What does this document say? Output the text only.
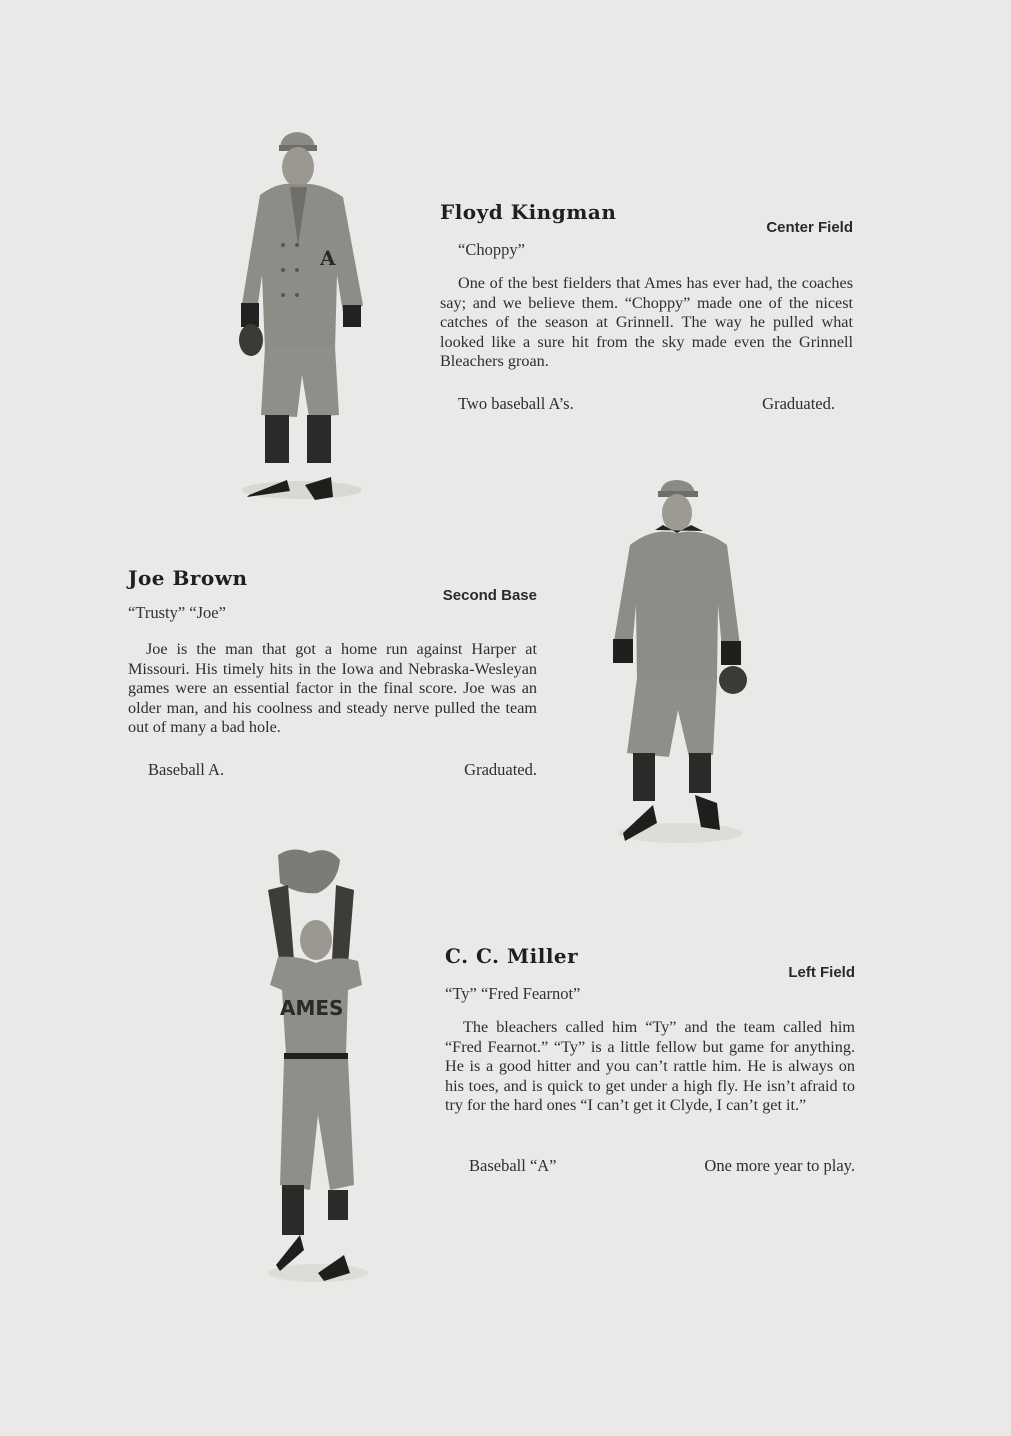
A
Floyd Kingman
Center Field
“Choppy”

One of the best fielders that Ames has ever had, the coaches say; and we believe them. “Choppy” made one of the nicest catches of the season at Grinnell. The way he pulled what looked like a sure hit from the sky made even the Grinnell Bleachers groan.

Two baseball A’s.	Graduated.
Joe Brown
Second Base
“Trusty” “Joe”

Joe is the man that got a home run against Harper at Missouri. His timely hits in the Iowa and Nebraska-Wesleyan games were an essential factor in the final score. Joe was an older man, and his coolness and steady nerve pulled the team out of many a bad hole.

Baseball A.	Graduated.
AMES
C. C. Miller
Left Field
“Ty” “Fred Fearnot”

The bleachers called him “Ty” and the team called him “Fred Fearnot.” “Ty” is a little fellow but game for anything. He is a good hitter and you can’t rattle him. He is always on his toes, and is quick to get under a high fly. He isn’t afraid to try for the hard ones “I can’t get it Clyde, I can’t get it.”

Baseball “A”	One more year to play.
